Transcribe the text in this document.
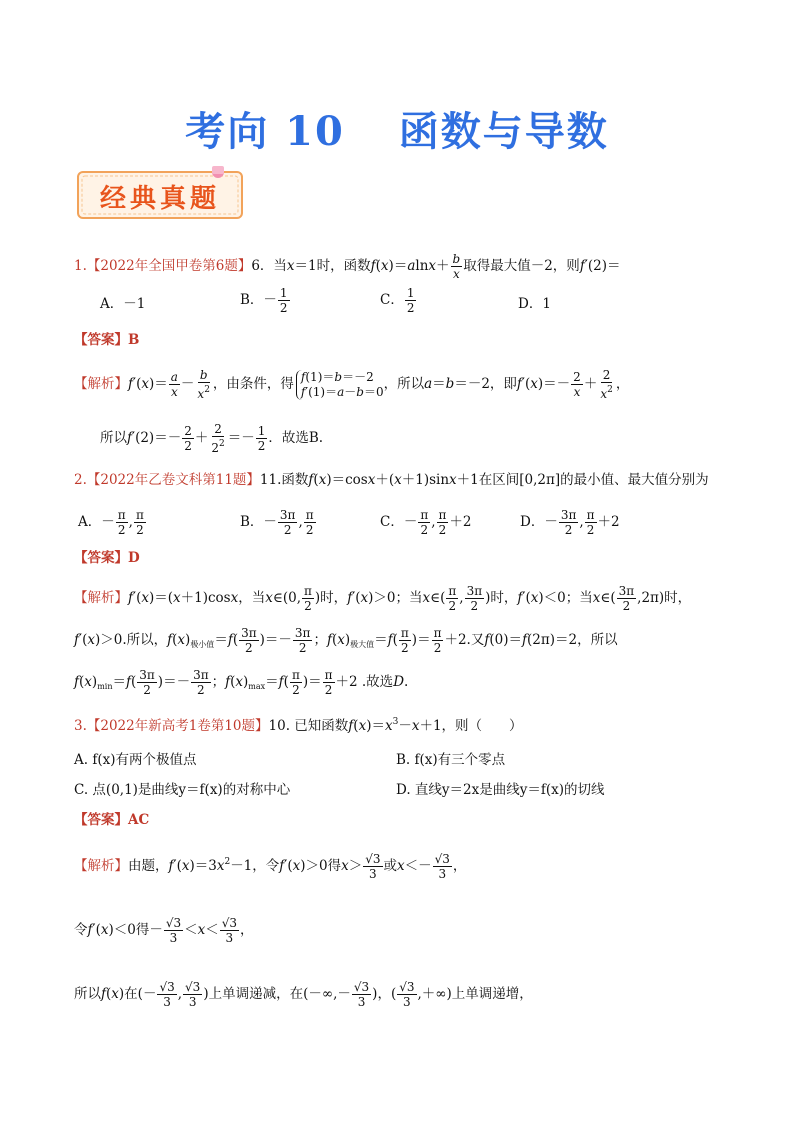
考向 10 函数与导数
经典真题
1.【2022年全国甲卷第6题】6．当x＝1时，函数$f(x)=alnx+ \frac{b}{x}$ 取得最大值－2，则f′(2)＝
A．－1	B．－ $\frac{1}{2}$	C． $\frac{1}{2}$	D．1
【答案】B
【解析】$f'(x)= \frac{a}{x} - \frac{b}{x^2}$ ，由条件，得 f(1)＝b＝－2
f′(1)＝a－b＝0 ，所以a＝b＝－2，即$f'(x)=- \frac{2}{x} + \frac{2}{x^2}$ ，
所以$f'(2)=- \frac{2}{2} + \frac{2}{2^2} =- \frac{1}{2}$ ．故选B.
2.【2022年乙卷文科第11题】11.函数f(x)＝cosx＋(x＋1)sinx＋1在区间[0,2π]的最小值、最大值分别为
A．－ $\frac{\pi}{2}$ , $\frac{\pi}{2}$	B．－ $\frac{3\pi}{2}$ , $\frac{\pi}{2}$	C．－ $\frac{\pi}{2}$ , $\frac{\pi}{2} +2$	D．－ $\frac{3\pi}{2}$ , $\frac{\pi}{2} +2$
【答案】D
【解析】f′(x)＝(x＋1)cosx，当x∈(0, $\frac{\pi}{2}$ )时，f′(x)＞0；当x∈( $\frac{\pi}{2}$ , $\frac{3\pi}{2}$ )时，f′(x)＜0；当x∈( $\frac{3\pi}{2} ,2\pi$)时，
f′(x)＞0.所以，$f(x)_{极小值}=f( \frac{3\pi}{2}$ )＝－ $\frac{3\pi}{2}$ ；$f(x)_{极大值}=f( \frac{\pi}{2}$ )＝ $\frac{\pi}{2} +2$.又f(0)＝f(2π)＝2，所以
$f(x)_{min}=f( \frac{3\pi}{2}$ )＝－ $\frac{3\pi}{2}$ ；$f(x)_{max}=f( \frac{\pi}{2}$ )＝ $\frac{\pi}{2} +2$ .故选D.
3.【2022年新高考1卷第10题】10. 已知函数$f(x)=x^3-x+1$，则（　　）
A. f(x)有两个极值点	B. f(x)有三个零点
C. 点(0,1)是曲线y＝f(x)的对称中心	D. 直线y＝2x是曲线y＝f(x)的切线
【答案】AC
【解析】由题，$f'(x)=3x^2-1$，令f′(x)＞0得$x> \frac{√3}{3}$ 或$x<- \frac{√3}{3}$ ，
令f′(x)＜0得－ $\frac{√3}{3} <x< \frac{√3}{3}$ ，
所以f(x)在(－ $\frac{√3}{3}$ , $\frac{√3}{3}$ )上单调递减，在(－∞,－ $\frac{√3}{3}$ )，( $\frac{√3}{3}$ ,＋∞)上单调递增，
